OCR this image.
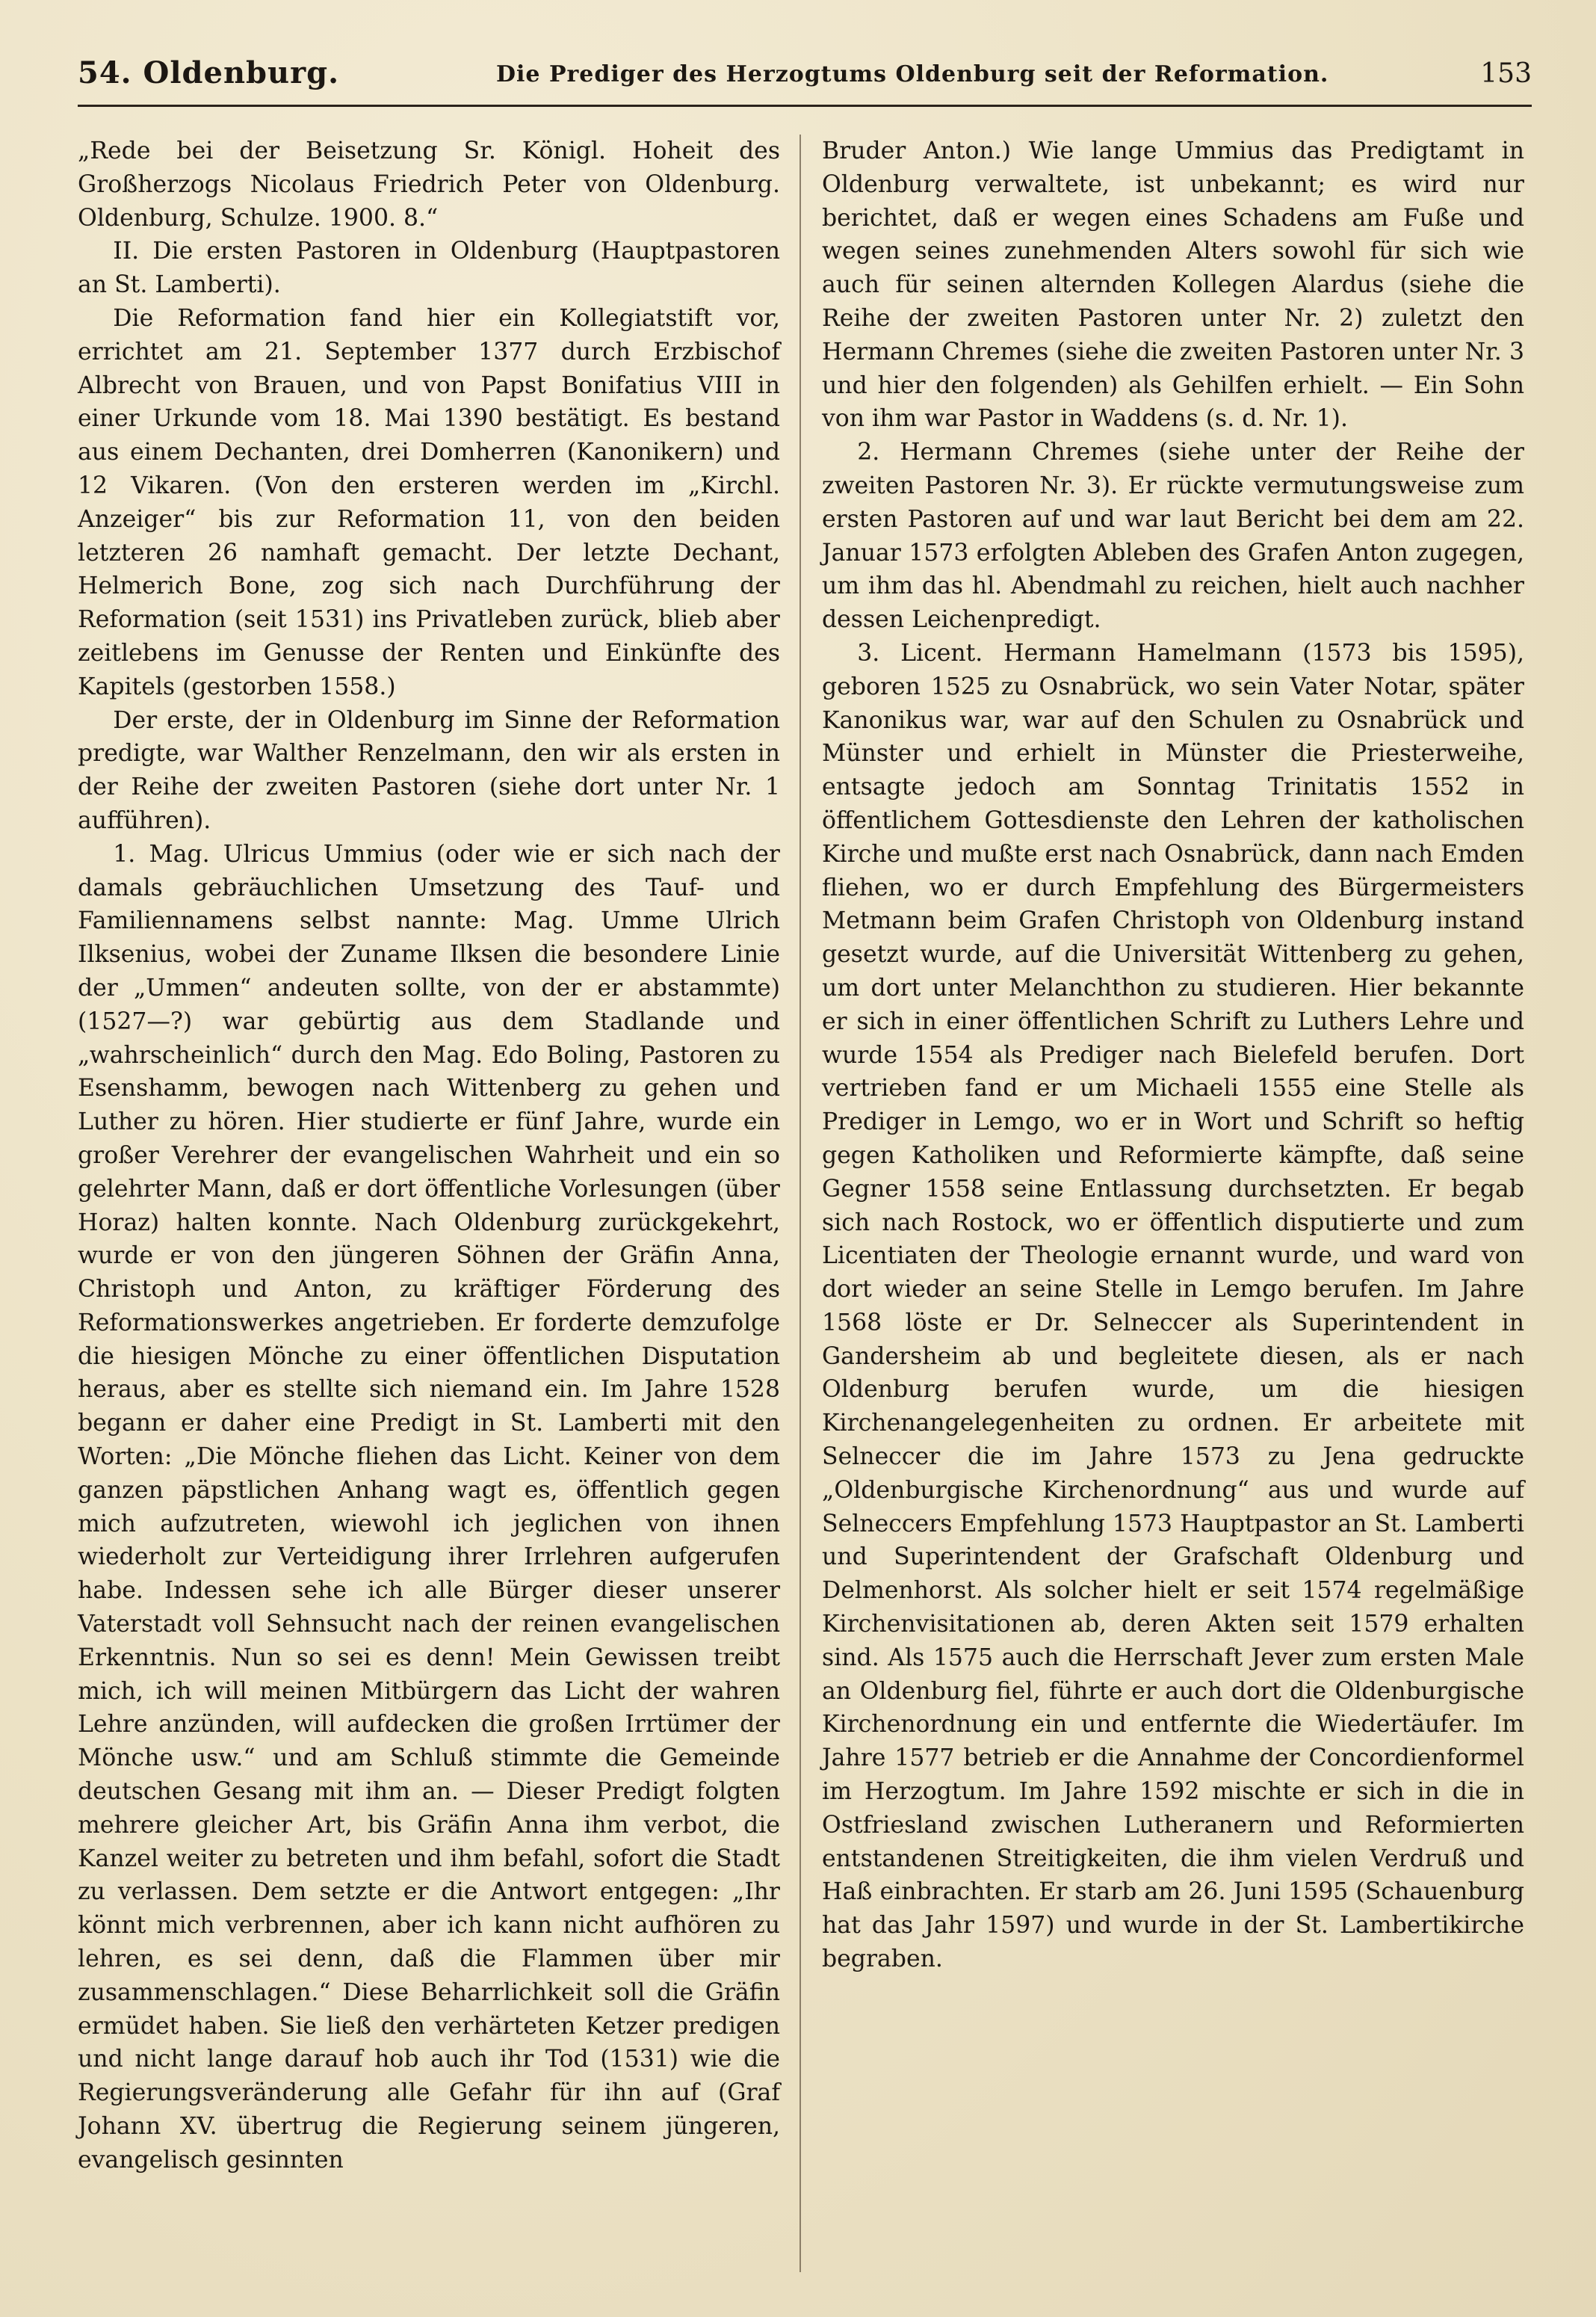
54. Oldenburg.	Die Prediger des Herzogtums Oldenburg seit der Reformation.	153

„Rede bei der Beisetzung Sr. Königl. Hoheit des Großherzogs Nicolaus Friedrich Peter von Oldenburg. Oldenburg, Schulze. 1900. 8.“

II. Die ersten Pastoren in Oldenburg (Hauptpastoren an St. Lamberti).

Die Reformation fand hier ein Kollegiatstift vor, errichtet am 21. September 1377 durch Erzbischof Albrecht von Brauen, und von Papst Bonifatius VIII in einer Urkunde vom 18. Mai 1390 bestätigt. Es bestand aus einem Dechanten, drei Domherren (Kanonikern) und 12 Vikaren. (Von den ersteren werden im „Kirchl. Anzeiger“ bis zur Reformation 11, von den beiden letzteren 26 namhaft gemacht. Der letzte Dechant, Helmerich Bone, zog sich nach Durchführung der Reformation (seit 1531) ins Privatleben zurück, blieb aber zeitlebens im Genusse der Renten und Einkünfte des Kapitels (gestorben 1558.)

Der erste, der in Oldenburg im Sinne der Reformation predigte, war Walther Renzelmann, den wir als ersten in der Reihe der zweiten Pastoren (siehe dort unter Nr. 1 aufführen).

1. Mag. Ulricus Ummius (oder wie er sich nach der damals gebräuchlichen Umsetzung des Tauf- und Familiennamens selbst nannte: Mag. Umme Ulrich Ilksenius, wobei der Zuname Ilksen die besondere Linie der „Ummen“ andeuten sollte, von der er abstammte) (1527—?) war gebürtig aus dem Stadlande und „wahrscheinlich“ durch den Mag. Edo Boling, Pastoren zu Esenshamm, bewogen nach Wittenberg zu gehen und Luther zu hören. Hier studierte er fünf Jahre, wurde ein großer Verehrer der evangelischen Wahrheit und ein so gelehrter Mann, daß er dort öffentliche Vorlesungen (über Horaz) halten konnte. Nach Oldenburg zurückgekehrt, wurde er von den jüngeren Söhnen der Gräfin Anna, Christoph und Anton, zu kräftiger Förderung des Reformationswerkes angetrieben. Er forderte demzufolge die hiesigen Mönche zu einer öffentlichen Disputation heraus, aber es stellte sich niemand ein. Im Jahre 1528 begann er daher eine Predigt in St. Lamberti mit den Worten: „Die Mönche fliehen das Licht. Keiner von dem ganzen päpstlichen Anhang wagt es, öffentlich gegen mich aufzutreten, wiewohl ich jeglichen von ihnen wiederholt zur Verteidigung ihrer Irrlehren aufgerufen habe. Indessen sehe ich alle Bürger dieser unserer Vaterstadt voll Sehnsucht nach der reinen evangelischen Erkenntnis. Nun so sei es denn! Mein Gewissen treibt mich, ich will meinen Mitbürgern das Licht der wahren Lehre anzünden, will aufdecken die großen Irrtümer der Mönche usw.“ und am Schluß stimmte die Gemeinde deutschen Gesang mit ihm an. — Dieser Predigt folgten mehrere gleicher Art, bis Gräfin Anna ihm verbot, die Kanzel weiter zu betreten und ihm befahl, sofort die Stadt zu verlassen. Dem setzte er die Antwort entgegen: „Ihr könnt mich verbrennen, aber ich kann nicht aufhören zu lehren, es sei denn, daß die Flammen über mir zusammenschlagen.“ Diese Beharrlichkeit soll die Gräfin ermüdet haben. Sie ließ den verhärteten Ketzer predigen und nicht lange darauf hob auch ihr Tod (1531) wie die Regierungsveränderung alle Gefahr für ihn auf (Graf Johann XV. übertrug die Regierung seinem jüngeren, evangelisch gesinnten

Bruder Anton.) Wie lange Ummius das Predigtamt in Oldenburg verwaltete, ist unbekannt; es wird nur berichtet, daß er wegen eines Schadens am Fuße und wegen seines zunehmenden Alters sowohl für sich wie auch für seinen alternden Kollegen Alardus (siehe die Reihe der zweiten Pastoren unter Nr. 2) zuletzt den Hermann Chremes (siehe die zweiten Pastoren unter Nr. 3 und hier den folgenden) als Gehilfen erhielt. — Ein Sohn von ihm war Pastor in Waddens (s. d. Nr. 1).

2. Hermann Chremes (siehe unter der Reihe der zweiten Pastoren Nr. 3). Er rückte vermutungsweise zum ersten Pastoren auf und war laut Bericht bei dem am 22. Januar 1573 erfolgten Ableben des Grafen Anton zugegen, um ihm das hl. Abendmahl zu reichen, hielt auch nachher dessen Leichenpredigt.

3. Licent. Hermann Hamelmann (1573 bis 1595), geboren 1525 zu Osnabrück, wo sein Vater Notar, später Kanonikus war, war auf den Schulen zu Osnabrück und Münster und erhielt in Münster die Priesterweihe, entsagte jedoch am Sonntag Trinitatis 1552 in öffentlichem Gottesdienste den Lehren der katholischen Kirche und mußte erst nach Osnabrück, dann nach Emden fliehen, wo er durch Empfehlung des Bürgermeisters Metmann beim Grafen Christoph von Oldenburg instand gesetzt wurde, auf die Universität Wittenberg zu gehen, um dort unter Melanchthon zu studieren. Hier bekannte er sich in einer öffentlichen Schrift zu Luthers Lehre und wurde 1554 als Prediger nach Bielefeld berufen. Dort vertrieben fand er um Michaeli 1555 eine Stelle als Prediger in Lemgo, wo er in Wort und Schrift so heftig gegen Katholiken und Reformierte kämpfte, daß seine Gegner 1558 seine Entlassung durchsetzten. Er begab sich nach Rostock, wo er öffentlich disputierte und zum Licentiaten der Theologie ernannt wurde, und ward von dort wieder an seine Stelle in Lemgo berufen. Im Jahre 1568 löste er Dr. Selneccer als Superintendent in Gandersheim ab und begleitete diesen, als er nach Oldenburg berufen wurde, um die hiesigen Kirchenangelegenheiten zu ordnen. Er arbeitete mit Selneccer die im Jahre 1573 zu Jena gedruckte „Oldenburgische Kirchenordnung“ aus und wurde auf Selneccers Empfehlung 1573 Hauptpastor an St. Lamberti und Superintendent der Grafschaft Oldenburg und Delmenhorst. Als solcher hielt er seit 1574 regelmäßige Kirchenvisitationen ab, deren Akten seit 1579 erhalten sind. Als 1575 auch die Herrschaft Jever zum ersten Male an Oldenburg fiel, führte er auch dort die Oldenburgische Kirchenordnung ein und entfernte die Wiedertäufer. Im Jahre 1577 betrieb er die Annahme der Concordienformel im Herzogtum. Im Jahre 1592 mischte er sich in die in Ostfriesland zwischen Lutheranern und Reformierten entstandenen Streitigkeiten, die ihm vielen Verdruß und Haß einbrachten. Er starb am 26. Juni 1595 (Schauenburg hat das Jahr 1597) und wurde in der St. Lambertikirche begraben.
